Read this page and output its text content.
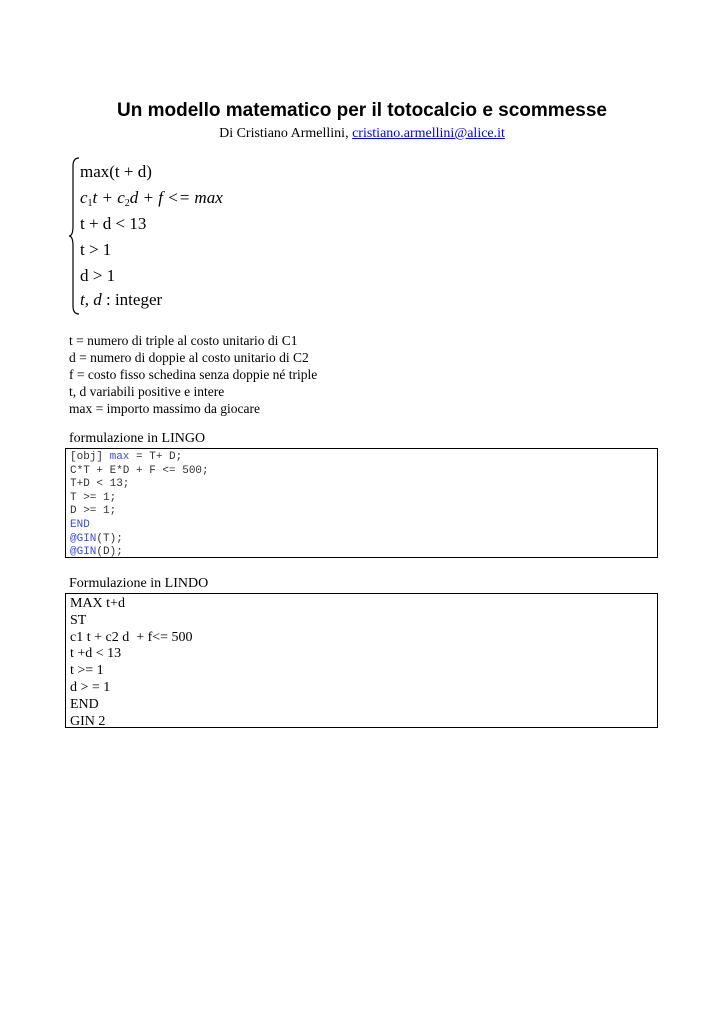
Un modello matematico per il totocalcio e scommesse
Di Cristiano Armellini, cristiano.armellini@alice.it
max(t + d)
$c_1t + c_2d + f <= \max$
t + d < 13
t > 1
d > 1
t, d : integer
t = numero di triple al costo unitario di C1
d = numero di doppie al costo unitario di C2
f = costo fisso schedina senza doppie né triple
t, d variabili positive e intere
max = importo massimo da giocare
formulazione in LINGO
[obj] max = T+ D;
C*T + E*D + F <= 500;
T+D < 13;
T >= 1;
D >= 1;
END
@GIN(T);
@GIN(D);
Formulazione in LINDO
MAX t+d
ST
c1 t + c2 d  + f<= 500
t +d < 13
t >= 1
d > = 1
END
GIN 2
